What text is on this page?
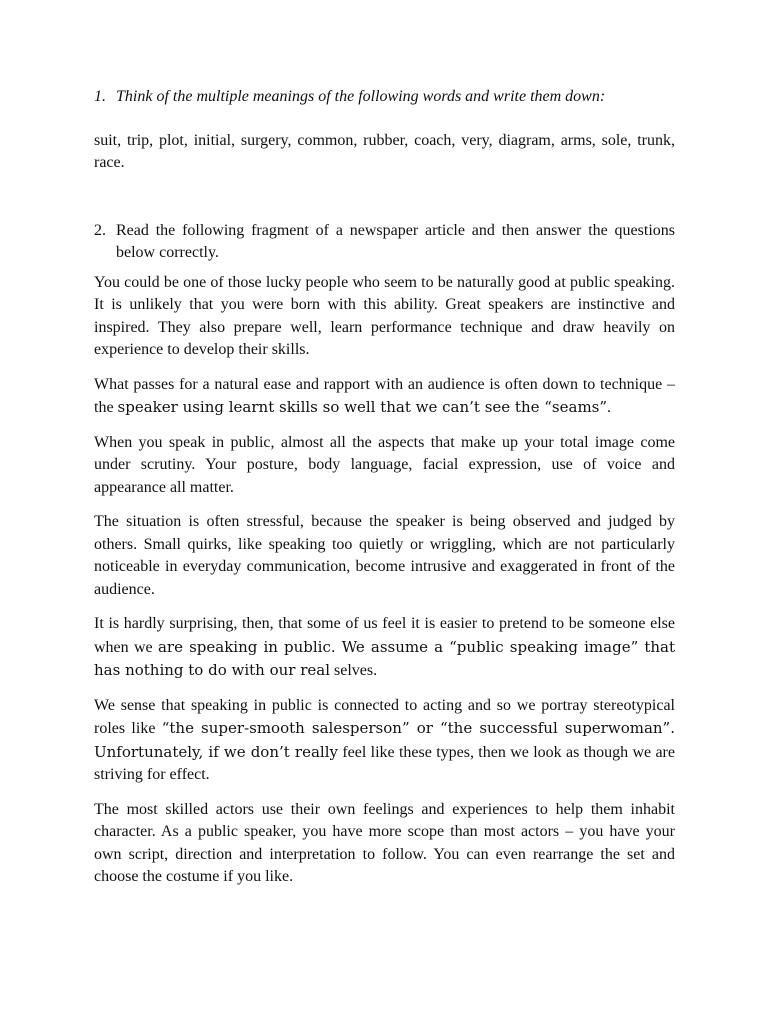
1. Think of the multiple meanings of the following words and write them down:

suit, trip, plot, initial, surgery, common, rubber, coach, very, diagram, arms, sole, trunk, race.

2. Read the following fragment of a newspaper article and then answer the questions below correctly.

You could be one of those lucky people who seem to be naturally good at public speaking. It is unlikely that you were born with this ability. Great speakers are instinctive and inspired. They also prepare well, learn performance technique and draw heavily on experience to develop their skills.

What passes for a natural ease and rapport with an audience is often down to technique – the speaker using learnt skills so well that we can’t see the “seams”.

When you speak in public, almost all the aspects that make up your total image come under scrutiny. Your posture, body language, facial expression, use of voice and appearance all matter.

The situation is often stressful, because the speaker is being observed and judged by others. Small quirks, like speaking too quietly or wriggling, which are not particularly noticeable in everyday communication, become intrusive and exaggerated in front of the audience.

It is hardly surprising, then, that some of us feel it is easier to pretend to be someone else when we are speaking in public. We assume a “public speaking image” that has nothing to do with our real selves.

We sense that speaking in public is connected to acting and so we portray stereotypical roles like “the super-smooth salesperson” or “the successful superwoman”. Unfortunately, if we don’t really feel like these types, then we look as though we are striving for effect.

The most skilled actors use their own feelings and experiences to help them inhabit character. As a public speaker, you have more scope than most actors – you have your own script, direction and interpretation to follow. You can even rearrange the set and choose the costume if you like.
